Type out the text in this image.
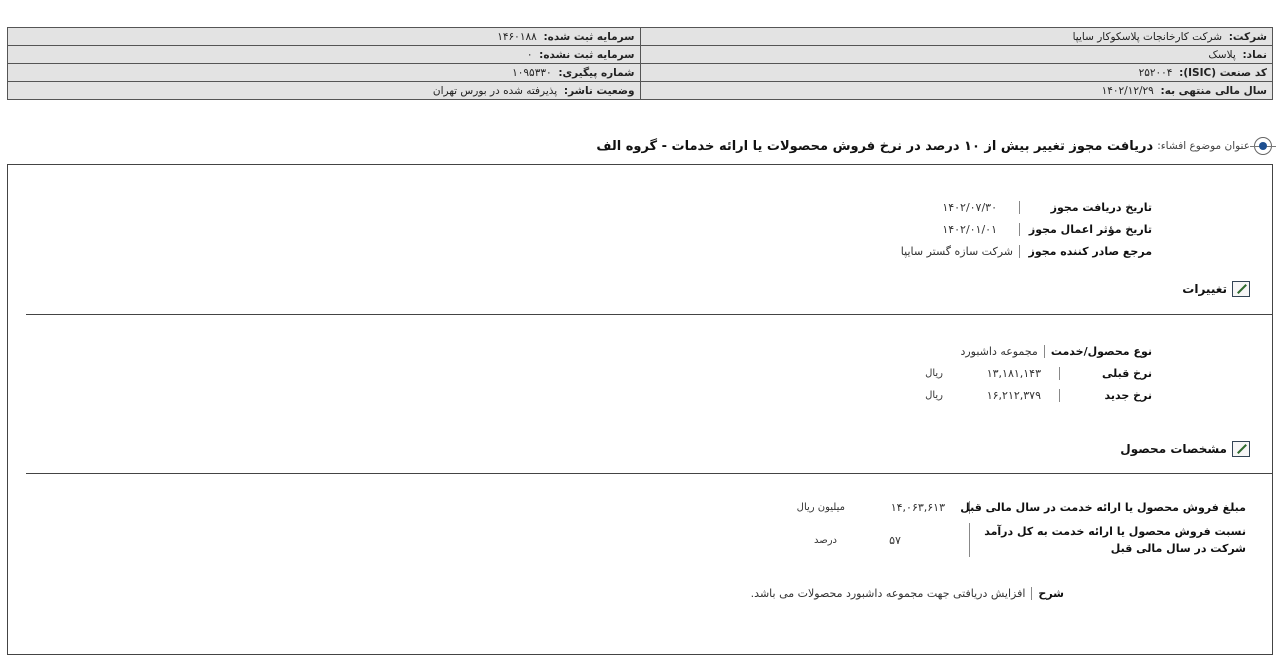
شرکت:  شرکت کارخانجات پلاسکوکار سایپا	سرمایه ثبت شده:  ۱۴۶۰۱۸۸
نماد:  پلاسک	سرمایه ثبت نشده:  ۰
کد صنعت (ISIC):  ۲۵۲۰۰۴	شماره پیگیری:  ۱۰۹۵۳۳۰
سال مالی منتهی به:  ۱۴۰۲/۱۲/۲۹	وضعیت ناشر:  پذیرفته شده در بورس تهران
عنوان موضوع افشاء:
دریافت مجوز تغییر بیش از ۱۰ درصد در نرخ فروش محصولات یا ارائه خدمات - گروه الف
تاریخ دریافت مجوز
۱۴۰۲/۰۷/۳۰
تاریخ مؤثر اعمال مجوز
۱۴۰۲/۰۱/۰۱
مرجع صادر کننده مجوز
شرکت سازه گستر سایپا
تغییرات
نوع محصول/خدمت
مجموعه داشبورد
نرخ قبلی
۱۳,۱۸۱,۱۴۳
ریال
نرخ جدید
۱۶,۲۱۲,۳۷۹
ریال
مشخصات محصول
مبلغ فروش محصول یا ارائه خدمت در سال مالی قبل
۱۴,۰۶۳,۶۱۳
میلیون ریال
نسبت فروش محصول یا ارائه خدمت به کل درآمد
شرکت در سال مالی قبل
۵۷
درصد
شرح
افزایش دریافتی جهت مجموعه داشبورد محصولات می باشد.
